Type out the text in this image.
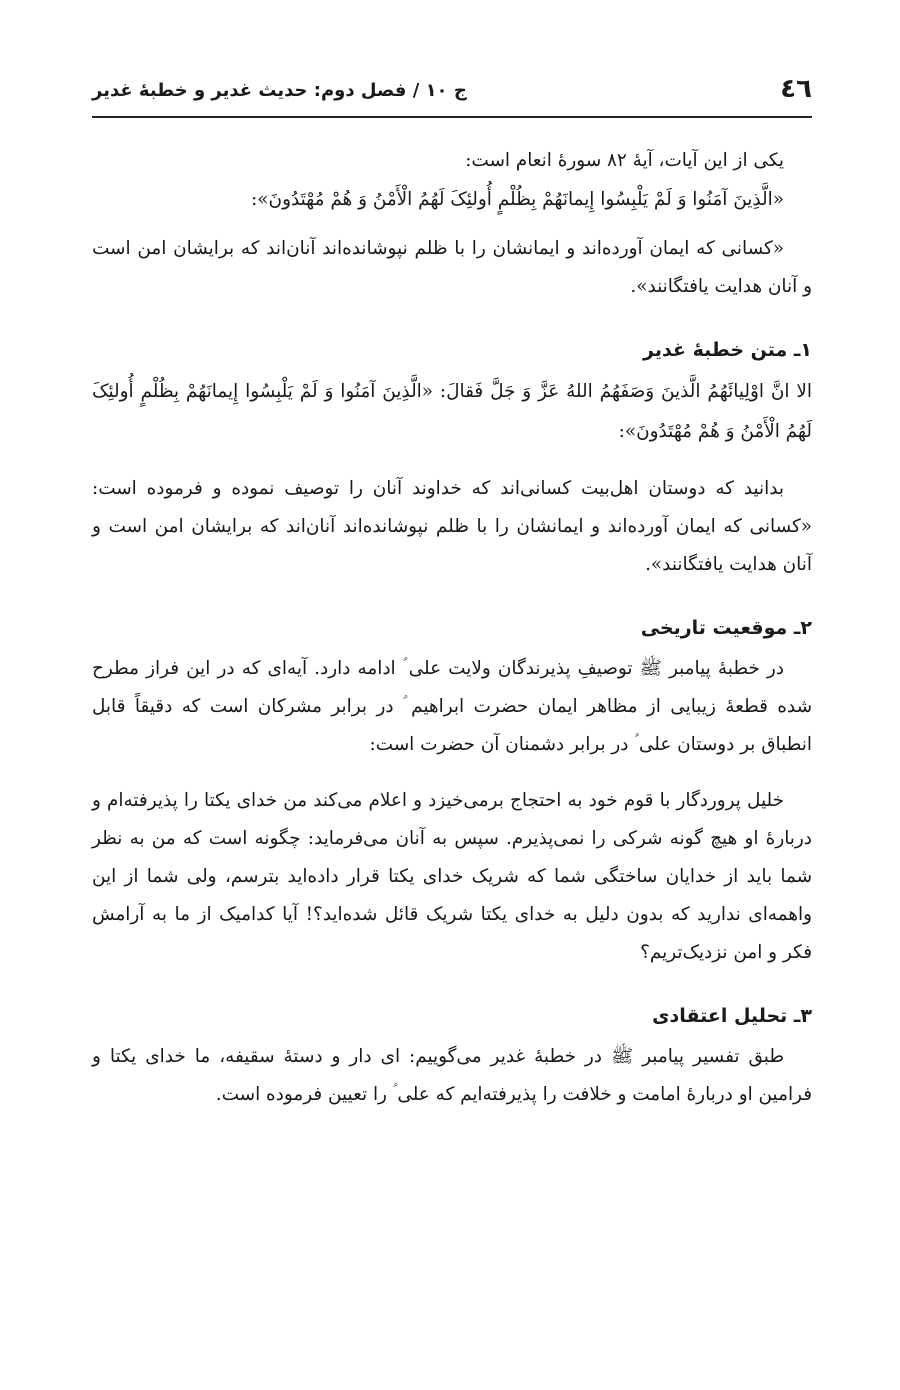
٤٦
ج ۱۰ / فصل دوم: حدیث غدیر و خطبهٔ غدیر

یکی از این آیات، آیهٔ ۸۲ سورهٔ انعام است:

«الَّذِینَ آمَنُوا وَ لَمْ یَلْبِسُوا إِیمانَهُمْ بِظُلْمٍ أُولئِکَ لَهُمُ الْأَمْنُ وَ هُمْ مُهْتَدُونَ»:

«کسانی که ایمان آورده‌اند و ایمانشان را با ظلم نپوشانده‌اند آنان‌اند که برایشان امن است و آنان هدایت یافتگانند».

۱ـ متن خطبهٔ غدیر

الا انَّ اوْلِیائَهُمُ الَّذینَ وَصَفَهُمُ اللهُ عَزَّ وَ جَلَّ فَقالَ: «الَّذِینَ آمَنُوا وَ لَمْ یَلْبِسُوا إِیمانَهُمْ بِظُلْمٍ أُولئِکَ لَهُمُ الْأَمْنُ وَ هُمْ مُهْتَدُونَ»:

بدانید که دوستان اهل‌بیت کسانی‌اند که خداوند آنان را توصیف نموده و فرموده است: «کسانی که ایمان آورده‌اند و ایمانشان را با ظلم نپوشانده‌اند آنان‌اند که برایشان امن است و آنان هدایت یافتگانند».

۲ـ موقعیت تاریخی

در خطبهٔ پیامبر ﷺ توصیفِ پذیرندگان ولایت علی ؑ ادامه دارد. آیه‌ای که در این فراز مطرح شده قطعهٔ زیبایی از مظاهر ایمان حضرت ابراهیم ؑ در برابر مشرکان است که دقیقاً قابل انطباق بر دوستان علی ؑ در برابر دشمنان آن حضرت است:

خلیل پروردگار با قوم خود به احتجاج برمی‌خیزد و اعلام می‌کند من خدای یکتا را پذیرفته‌ام و دربارهٔ او هیچ گونه شرکی را نمی‌پذیرم. سپس به آنان می‌فرماید: چگونه است که من به نظر شما باید از خدایان ساختگی شما که شریک خدای یکتا قرار داده‌اید بترسم، ولی شما از این واهمه‌ای ندارید که بدون دلیل به خدای یکتا شریک قائل شده‌اید؟! آیا کدامیک از ما به آرامش فکر و امن نزدیک‌تریم؟

۳ـ تحلیل اعتقادی

طبق تفسیر پیامبر ﷺ در خطبهٔ غدیر می‌گوییم: ای دار و دستهٔ سقیفه، ما خدای یکتا و فرامین او دربارهٔ امامت و خلافت را پذیرفته‌ایم که علی ؑ را تعیین فرموده است.
